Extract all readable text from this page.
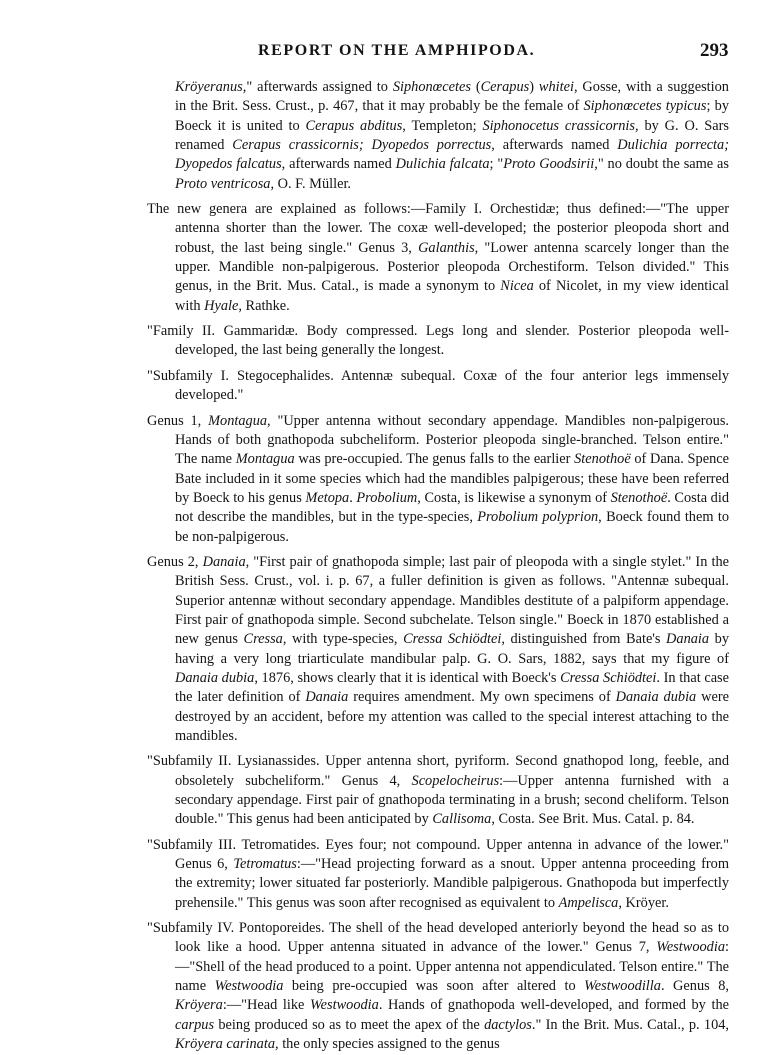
REPORT ON THE AMPHIPODA.	293

Kröyeranus," afterwards assigned to Siphonœcetes (Cerapus) whitei, Gosse, with a suggestion in the Brit. Sess. Crust., p. 467, that it may probably be the female of Siphonœcetes typicus; by Boeck it is united to Cerapus abditus, Templeton; Siphonocetus crassicornis, by G. O. Sars renamed Cerapus crassicornis; Dyopedos porrectus, afterwards named Dulichia porrecta; Dyopedos falcatus, afterwards named Dulichia falcata; "Proto Goodsirii," no doubt the same as Proto ventricosa, O. F. Müller.

The new genera are explained as follows:—Family I. Orchestidæ; thus defined:—"The upper antenna shorter than the lower. The coxæ well-developed; the posterior pleopoda short and robust, the last being single." Genus 3, Galanthis, "Lower antenna scarcely longer than the upper. Mandible non-palpigerous. Posterior pleopoda Orchestiform. Telson divided." This genus, in the Brit. Mus. Catal., is made a synonym to Nicea of Nicolet, in my view identical with Hyale, Rathke.

"Family II. Gammaridæ. Body compressed. Legs long and slender. Posterior pleopoda well-developed, the last being generally the longest.

"Subfamily I. Stegocephalides. Antennæ subequal. Coxæ of the four anterior legs immensely developed."

Genus 1, Montagua, "Upper antenna without secondary appendage. Mandibles non-palpigerous. Hands of both gnathopoda subcheliform. Posterior pleopoda single-branched. Telson entire." The name Montagua was pre-occupied. The genus falls to the earlier Stenothoë of Dana. Spence Bate included in it some species which had the mandibles palpigerous; these have been referred by Boeck to his genus Metopa. Probolium, Costa, is likewise a synonym of Stenothoë. Costa did not describe the mandibles, but in the type-species, Probolium polyprion, Boeck found them to be non-palpigerous.

Genus 2, Danaia, "First pair of gnathopoda simple; last pair of pleopoda with a single stylet." In the British Sess. Crust., vol. i. p. 67, a fuller definition is given as follows. "Antennæ subequal. Superior antennæ without secondary appendage. Mandibles destitute of a palpiform appendage. First pair of gnathopoda simple. Second subchelate. Telson single." Boeck in 1870 established a new genus Cressa, with type-species, Cressa Schiödtei, distinguished from Bate's Danaia by having a very long triarticulate mandibular palp. G. O. Sars, 1882, says that my figure of Danaia dubia, 1876, shows clearly that it is identical with Boeck's Cressa Schiödtei. In that case the later definition of Danaia requires amendment. My own specimens of Danaia dubia were destroyed by an accident, before my attention was called to the special interest attaching to the mandibles.

"Subfamily II. Lysianassides. Upper antenna short, pyriform. Second gnathopod long, feeble, and obsoletely subcheliform." Genus 4, Scopelocheirus:—Upper antenna furnished with a secondary appendage. First pair of gnathopoda terminating in a brush; second cheliform. Telson double." This genus had been anticipated by Callisoma, Costa. See Brit. Mus. Catal. p. 84.

"Subfamily III. Tetromatides. Eyes four; not compound. Upper antenna in advance of the lower." Genus 6, Tetromatus:—"Head projecting forward as a snout. Upper antenna proceeding from the extremity; lower situated far posteriorly. Mandible palpigerous. Gnathopoda but imperfectly prehensile." This genus was soon after recognised as equivalent to Ampelisca, Kröyer.

"Subfamily IV. Pontoporeides. The shell of the head developed anteriorly beyond the head so as to look like a hood. Upper antenna situated in advance of the lower." Genus 7, Westwoodia:—"Shell of the head produced to a point. Upper antenna not appendiculated. Telson entire." The name Westwoodia being pre-occupied was soon after altered to Westwoodilla. Genus 8, Kröyera:—"Head like Westwoodia. Hands of gnathopoda well-developed, and formed by the carpus being produced so as to meet the apex of the dactylos." In the Brit. Mus. Catal., p. 104, Kröyera carinata, the only species assigned to the genus
